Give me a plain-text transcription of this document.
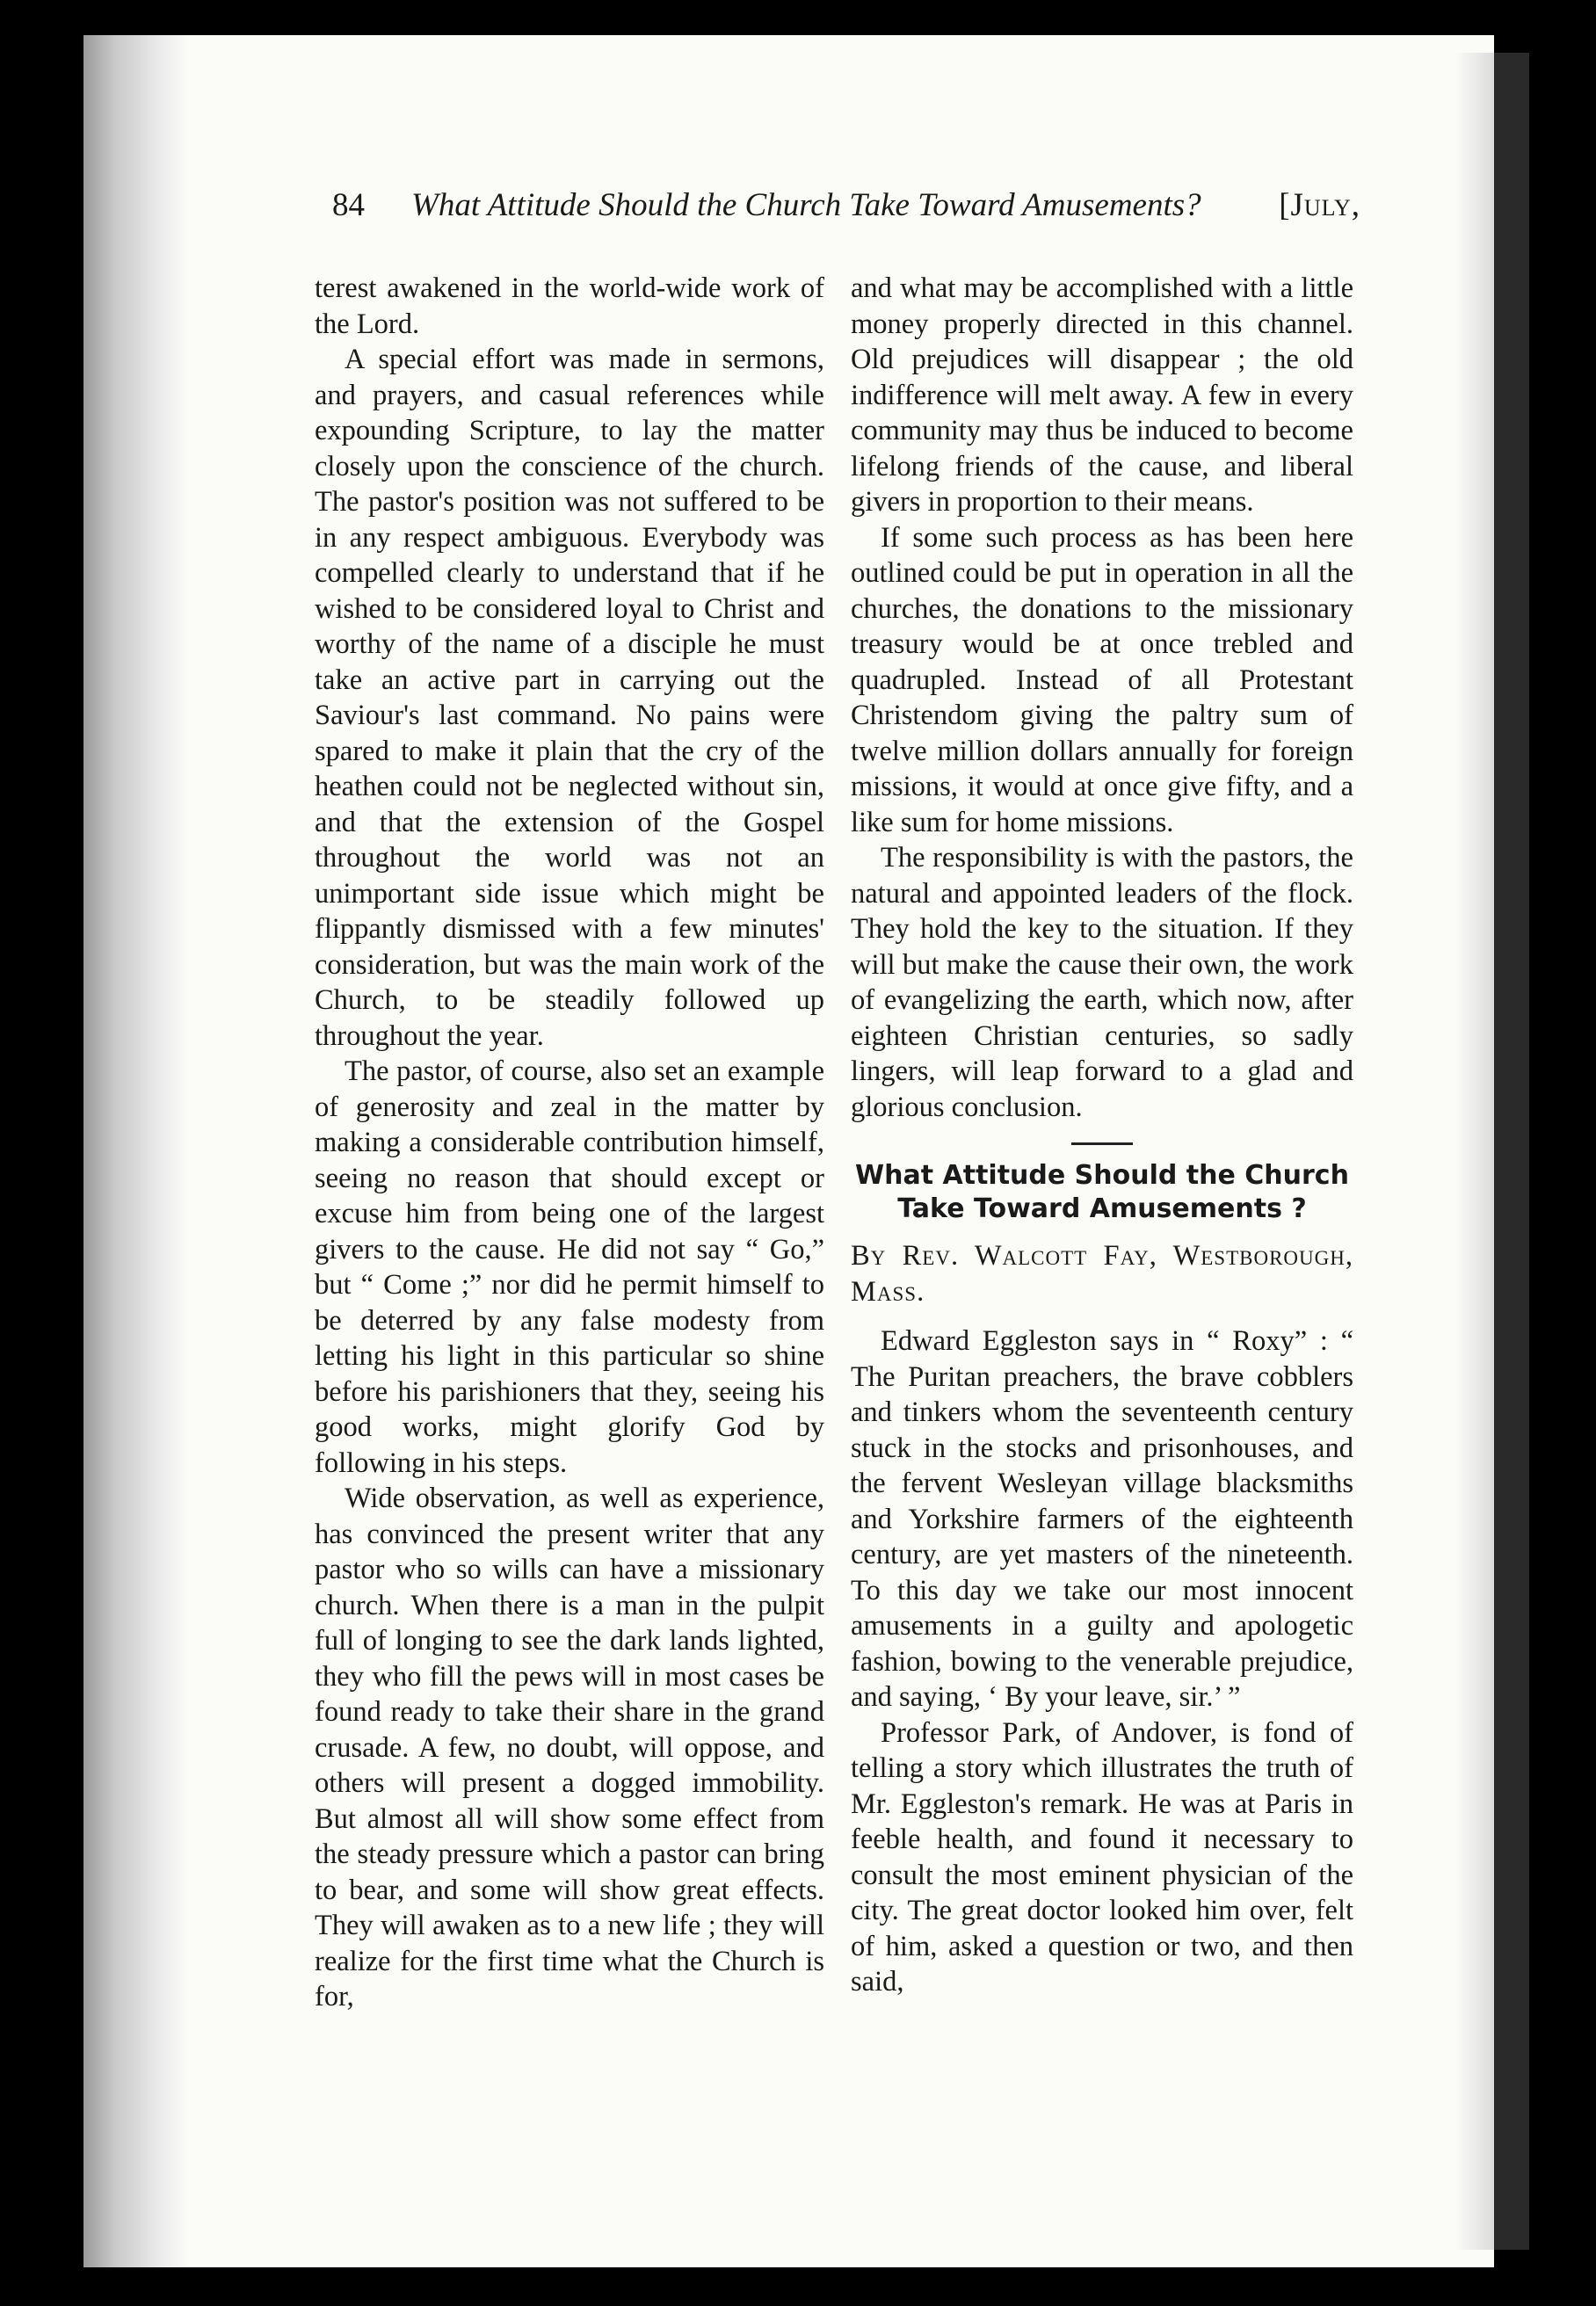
84	What Attitude Should the Church Take Toward Amusements?	[July,

terest awakened in the world-wide work of the Lord.

A special effort was made in sermons, and prayers, and casual references while expounding Scripture, to lay the matter closely upon the conscience of the church. The pastor's position was not suffered to be in any respect ambiguous. Everybody was compelled clearly to understand that if he wished to be considered loyal to Christ and worthy of the name of a disciple he must take an active part in carrying out the Saviour's last command. No pains were spared to make it plain that the cry of the heathen could not be neglected without sin, and that the extension of the Gospel throughout the world was not an unimportant side issue which might be flippantly dismissed with a few minutes' consideration, but was the main work of the Church, to be steadily followed up throughout the year.

The pastor, of course, also set an example of generosity and zeal in the matter by making a considerable contribution himself, seeing no reason that should except or excuse him from being one of the largest givers to the cause. He did not say “ Go,” but “ Come ;” nor did he permit himself to be deterred by any false modesty from letting his light in this particular so shine before his parishioners that they, seeing his good works, might glorify God by following in his steps.

Wide observation, as well as experience, has convinced the present writer that any pastor who so wills can have a missionary church. When there is a man in the pulpit full of longing to see the dark lands lighted, they who fill the pews will in most cases be found ready to take their share in the grand crusade. A few, no doubt, will oppose, and others will present a dogged immobility. But almost all will show some effect from the steady pressure which a pastor can bring to bear, and some will show great effects. They will awaken as to a new life ; they will realize for the first time what the Church is for,

and what may be accomplished with a little money properly directed in this channel. Old prejudices will disappear ; the old indifference will melt away. A few in every community may thus be induced to become lifelong friends of the cause, and liberal givers in proportion to their means.

If some such process as has been here outlined could be put in operation in all the churches, the donations to the missionary treasury would be at once trebled and quadrupled. Instead of all Protestant Christendom giving the paltry sum of twelve million dollars annually for foreign missions, it would at once give fifty, and a like sum for home missions.

The responsibility is with the pastors, the natural and appointed leaders of the flock. They hold the key to the situation. If they will but make the cause their own, the work of evangelizing the earth, which now, after eighteen Christian centuries, so sadly lingers, will leap forward to a glad and glorious conclusion.

What Attitude Should the Church Take Toward Amusements ?
By Rev. Walcott Fay, Westborough, Mass.

Edward Eggleston says in “ Roxy” : “ The Puritan preachers, the brave cobblers and tinkers whom the seventeenth century stuck in the stocks and prisonhouses, and the fervent Wesleyan village blacksmiths and Yorkshire farmers of the eighteenth century, are yet masters of the nineteenth. To this day we take our most innocent amusements in a guilty and apologetic fashion, bowing to the venerable prejudice, and saying, ‘ By your leave, sir.’ ”

Professor Park, of Andover, is fond of telling a story which illustrates the truth of Mr. Eggleston's remark. He was at Paris in feeble health, and found it necessary to consult the most eminent physician of the city. The great doctor looked him over, felt of him, asked a question or two, and then said,
